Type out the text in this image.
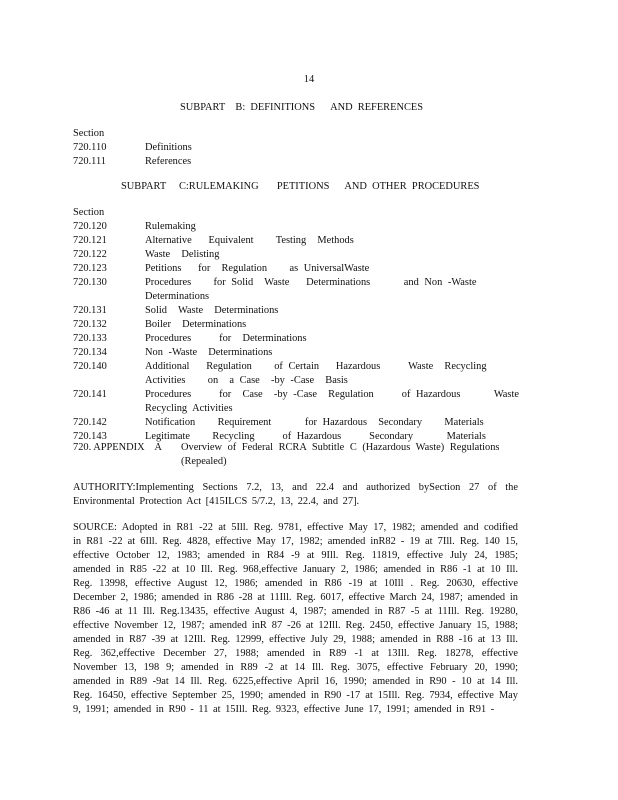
14
SUBPART    B:  DEFINITIONS      AND  REFERENCES
Section
720.110	Definitions
720.111	References
SUBPART     C:RULEMAKING       PETITIONS      AND  OTHER  PROCEDURES
Section
720.120	Rulemaking
720.121	Alternative   Equivalent    Testing  Methods
720.122	Waste  Delisting
720.123	Petitions   for  Regulation    as UniversalWaste
720.130	Procedures    for Solid  Waste   Determinations      and Non -Waste  Determinations
720.131	Solid  Waste  Determinations
720.132	Boiler  Determinations
720.133	Procedures     for  Determinations
720.134	Non -Waste  Determinations
720.140	Additional   Regulation    of Certain   Hazardous     Waste  Recycling    Activities    on  a Case  -by -Case  Basis
720.141	Procedures     for  Case  -by -Case  Regulation     of Hazardous      Waste   Recycling Activities
720.142	Notification    Requirement      for Hazardous  Secondary    Materials
720.143	Legitimate    Recycling     of Hazardous     Secondary      Materials
720. APPENDIX    A	Overview of Federal RCRA Subtitle C (Hazardous Waste) Regulations (Repealed)
AUTHORITY:Implementing Sections 7.2, 13, and 22.4 and authorized bySection 27 of the Environmental Protection Act [415ILCS 5/7.2, 13, 22.4, and 27].
SOURCE: Adopted in R81 -22 at 5Ill. Reg. 9781, effective May 17, 1982; amended and codified in R81 -22 at 6Ill. Reg. 4828, effective May 17, 1982; amended inR82 - 19 at 7Ill. Reg. 140 15, effective October 12, 1983; amended in R84 -9 at 9Ill. Reg. 11819, effective July 24, 1985; amended in R85 -22 at 10 Ill. Reg. 968,effective January 2, 1986; amended in R86 -1 at 10 Ill. Reg. 13998, effective August 12, 1986; amended in R86 -19 at 10Ill . Reg. 20630, effective December 2, 1986; amended in R86 -28 at 11Ill. Reg. 6017, effective March 24, 1987; amended in R86 -46 at 11 Ill. Reg.13435, effective August 4, 1987; amended in R87 -5 at 11Ill. Reg. 19280, effective November 12, 1987; amended inR 87 -26 at 12Ill. Reg. 2450, effective January 15, 1988; amended in R87 -39 at 12Ill. Reg. 12999, effective July 29, 1988; amended in R88 -16 at 13 Ill. Reg. 362,effective December 27, 1988; amended in R89 -1 at 13Ill. Reg. 18278, effective November 13, 198 9; amended in R89 -2 at 14 Ill. Reg. 3075, effective February 20, 1990; amended in R89 -9at 14 Ill. Reg. 6225,effective April 16, 1990; amended in R90 - 10 at 14 Ill. Reg. 16450, effective September 25, 1990; amended in R90 -17 at 15Ill. Reg. 7934, effective May 9, 1991; amended in R90 - 11 at 15Ill. Reg. 9323, effective June 17, 1991; amended in R91 -
